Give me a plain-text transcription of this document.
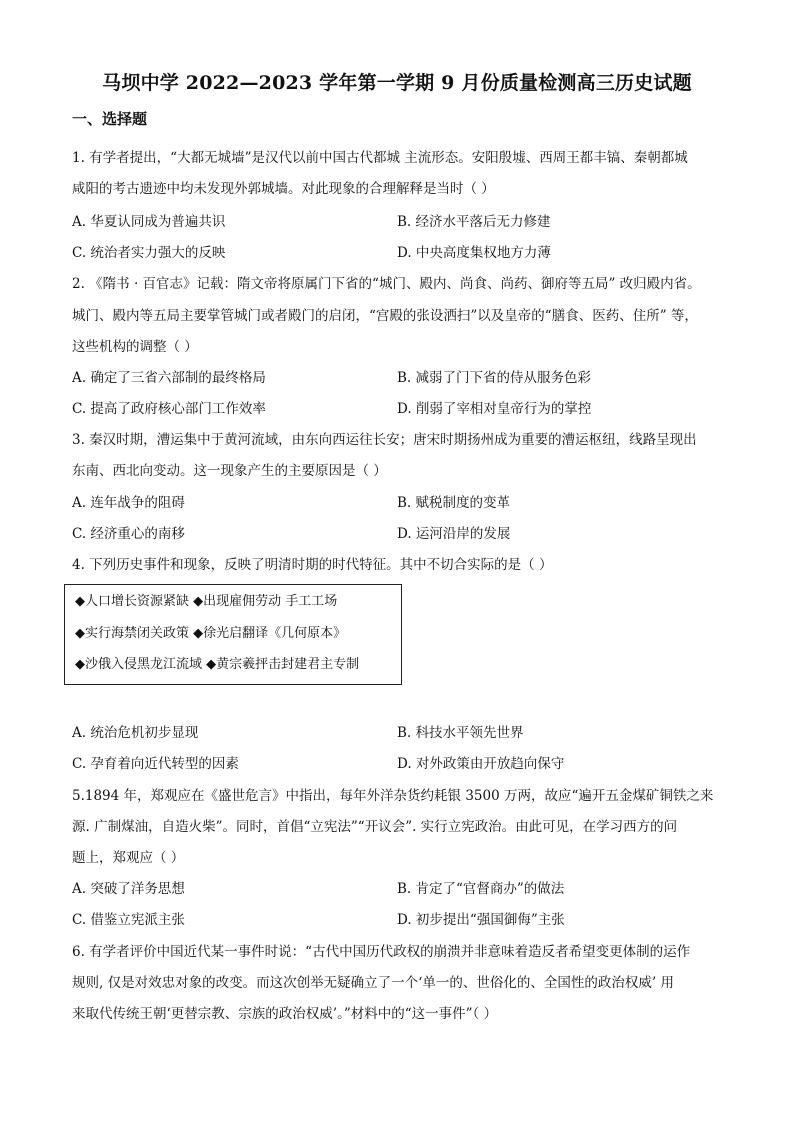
马坝中学 2022—2023 学年第一学期 9 月份质量检测高三历史试题
一、选择题
1. 有学者提出，“大都无城墙”是汉代以前中国古代都城 主流形态。安阳殷墟、西周王都丰镐、秦朝都城
咸阳的考古遗迹中均未发现外郭城墙。对此现象的合理解释是当时（ ）
A. 华夏认同成为普遍共识	B. 经济水平落后无力修建
C. 统治者实力强大的反映	D. 中央高度集权地方力薄
2. 《隋书 · 百官志》记载：隋文帝将原属门下省的“城门、殿内、尚食、尚药、御府等五局” 改归殿内省。
城门、殿内等五局主要掌管城门或者殿门的启闭，“宫殿的张设洒扫”以及皇帝的“膳食、医药、住所” 等，
这些机构的调整（ ）
A. 确定了三省六部制的最终格局	B. 减弱了门下省的侍从服务色彩
C. 提高了政府核心部门工作效率	D. 削弱了宰相对皇帝行为的掌控
3. 秦汉时期，漕运集中于黄河流域，由东向西运往长安；唐宋时期扬州成为重要的漕运枢纽，线路呈现出
东南、西北向变动。这一现象产生的主要原因是（ ）
A. 连年战争的阻碍	B. 赋税制度的变革
C. 经济重心的南移	D. 运河沿岸的发展
4. 下列历史事件和现象，反映了明清时期的时代特征。其中不切合实际的是（ ）
◆人口增长资源紧缺 ◆出现雇佣劳动 手工工场
◆实行海禁闭关政策 ◆徐光启翻译《几何原本》
◆沙俄入侵黑龙江流域 ◆黄宗羲抨击封建君主专制
A. 统治危机初步显现	B. 科技水平领先世界
C. 孕育着向近代转型的因素	D. 对外政策由开放趋向保守
5.1894 年，郑观应在《盛世危言》中指出，每年外洋杂货约耗银 3500 万两，故应“遍开五金煤矿铜铁之来
源. 广制煤油，自造火柴”。同时，首倡“立宪法”“开议会”. 实行立宪政治。由此可见，在学习西方的问
题上，郑观应（ ）
A. 突破了洋务思想	B. 肯定了“官督商办”的做法
C. 借鉴立宪派主张	D. 初步提出“强国御侮”主张
6. 有学者评价中国近代某一事件时说：“古代中国历代政权的崩溃并非意味着造反者希望变更体制的运作
规则, 仅是对效忠对象的改变。而这次创举无疑确立了一个‘单一的、世俗化的、全国性的政治权威’ 用
来取代传统王朝‘更替宗教、宗族的政治权威’。”材料中的“这一事件”（ ）
